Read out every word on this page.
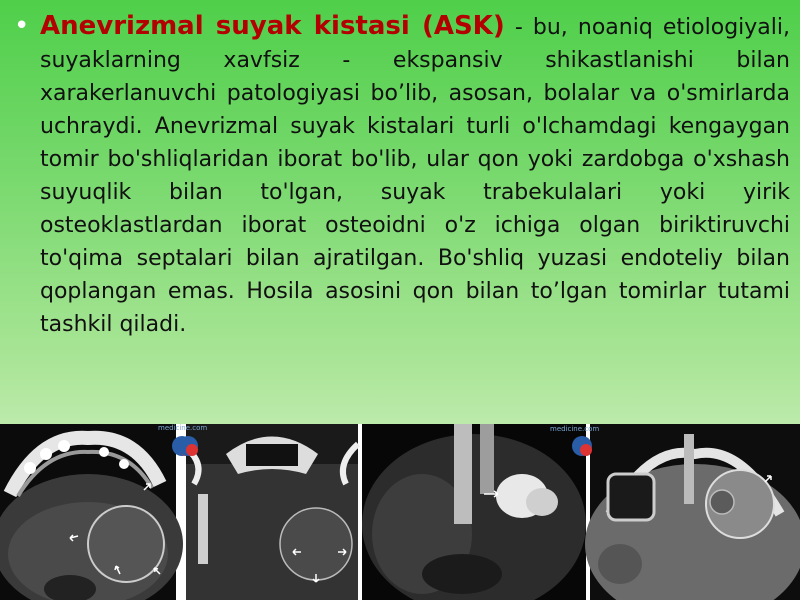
• Anevrizmal suyak kistasi (ASK) - bu, noaniq etiologiyali, suyaklarning xavfsiz - ekspansiv shikastlanishi bilan xarakerlanuvchi patologiyasi bo’lib, asosan, bolalar va o'smirlarda uchraydi. Anevrizmal suyak kistalari turli o'lchamdagi kengaygan tomir bo'shliqlaridan iborat bo'lib, ular qon yoki zardobga o'xshash suyuqlik bilan to'lgan, suyak trabekulalari yoki yirik osteoklastlardan iborat osteoidni o'z ichiga olgan biriktiruvchi to'qima septalari bilan ajratilgan. Bo'shliq yuzasi endoteliy bilan qoplangan emas. Hosila asosini qon bilan to’lgan tomirlar tutami tashkil qiladi.
medicine.com	medicine.com
